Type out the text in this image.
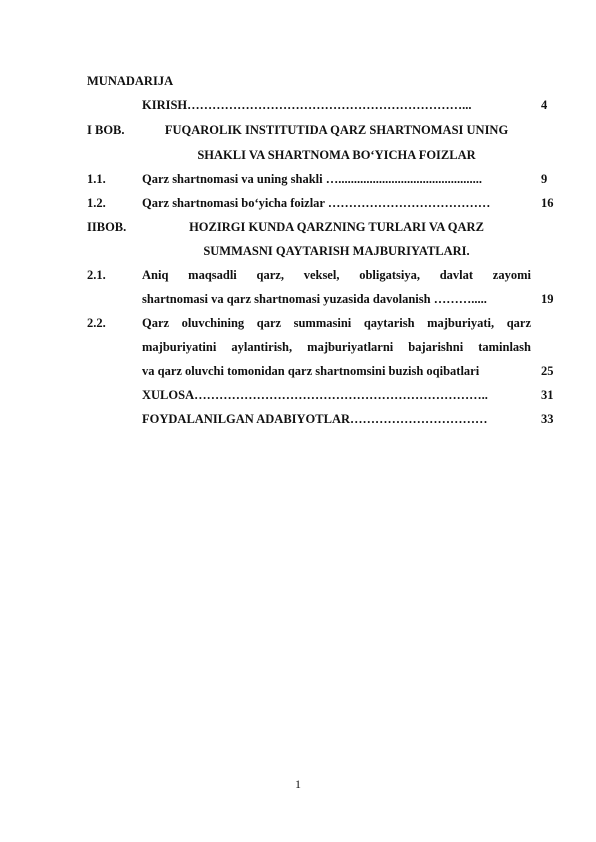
MUNADARIJA
KIRISH…………………………………………………………...	4
I BOB.	FUQAROLIK INSTITUTIDA QARZ SHARTNOMASI UNING
SHAKLI VA SHARTNOMA BO‘YICHA FOIZLAR
1.1.	Qarz shartnomasi va uning shakli …..............................................	9
1.2.	Qarz shartnomasi bo‘yicha foizlar …………………………………	16
IIBOB.	HOZIRGI KUNDA QARZNING TURLARI VA QARZ
SUMMASNI QAYTARISH MAJBURIYATLARI.
2.1.	Aniq maqsadli qarz, veksel, obligatsiya, davlat zayomi
shartnomasi va qarz shartnomasi yuzasida davolanish ……….....	19
2.2.	Qarz oluvchining qarz summasini qaytarish majburiyati, qarz
majburiyatini aylantirish, majburiyatlarni bajarishni taminlash
va qarz oluvchi tomonidan qarz shartnomsini buzish oqibatlari	25
XULOSA……………………………………………………………..	31
FOYDALANILGAN ADABIYOTLAR……………………………	33
1
